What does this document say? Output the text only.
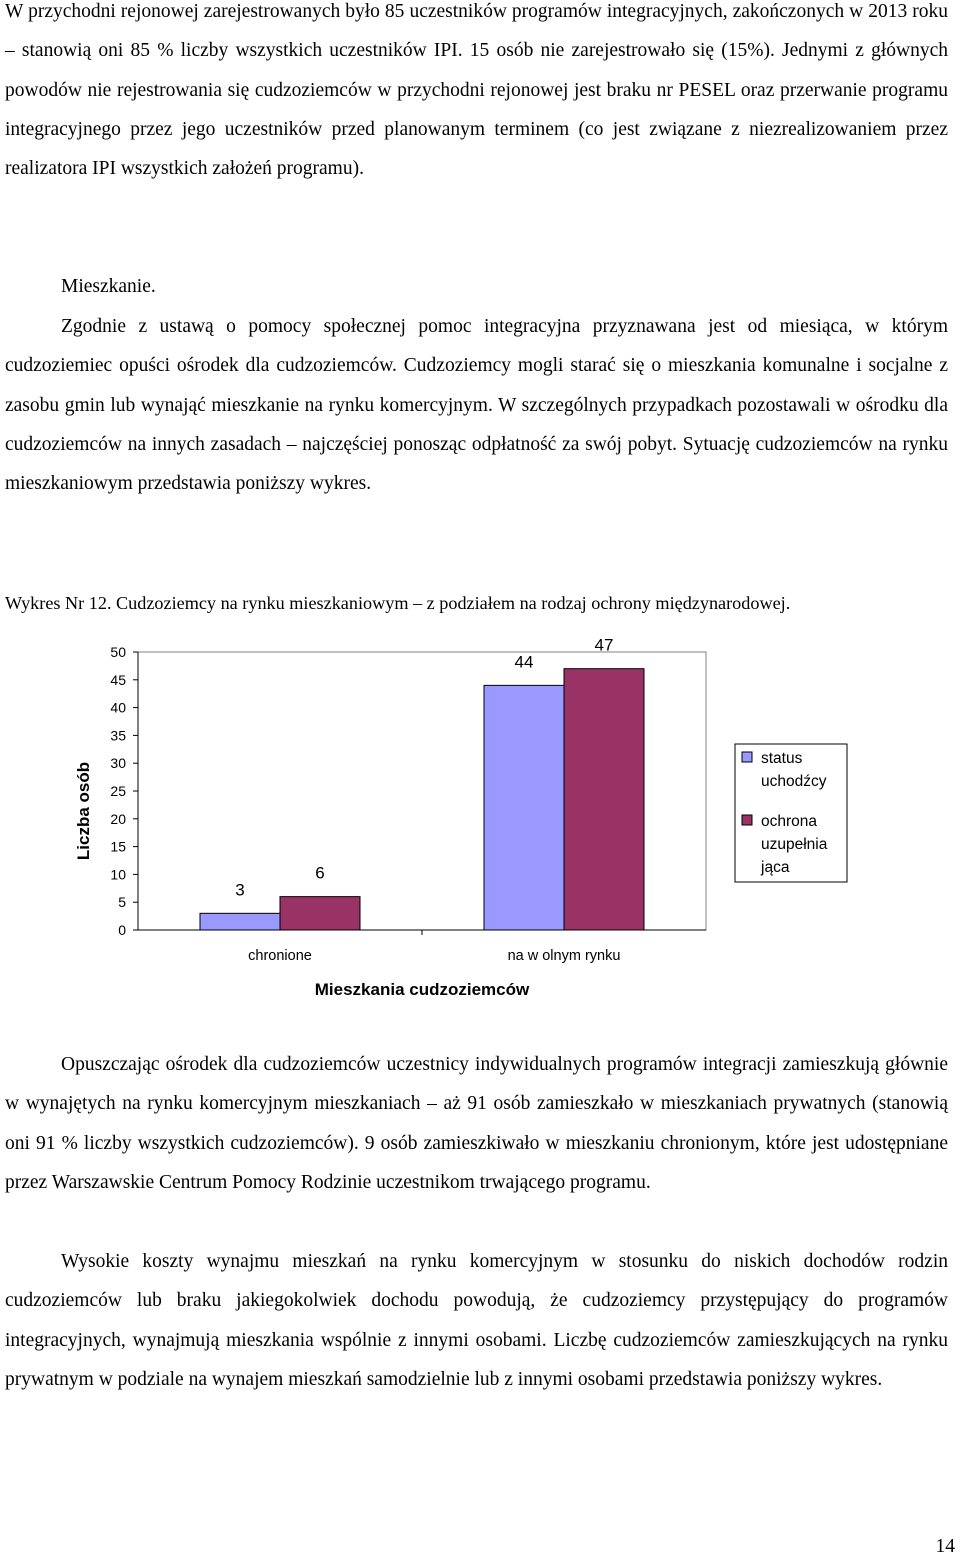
W przychodni rejonowej zarejestrowanych było 85 uczestników programów integracyjnych, zakończonych w 2013 roku – stanowią oni 85 % liczby wszystkich uczestników IPI. 15 osób nie zarejestrowało się (15%). Jednymi z głównych powodów nie rejestrowania się cudzoziemców w przychodni rejonowej jest braku nr PESEL oraz przerwanie programu integracyjnego przez jego uczestników przed planowanym terminem (co jest związane z niezrealizowaniem przez realizatora IPI wszystkich założeń programu).

Mieszkanie.

Zgodnie z ustawą o pomocy społecznej pomoc integracyjna przyznawana jest od miesiąca, w którym cudzoziemiec opuści ośrodek dla cudzoziemców. Cudzoziemcy mogli starać się o mieszkania komunalne i socjalne z zasobu gmin lub wynająć mieszkanie na rynku komercyjnym. W szczególnych przypadkach pozostawali w ośrodku dla cudzoziemców na innych zasadach – najczęściej ponosząc odpłatność za swój pobyt. Sytuację cudzoziemców na rynku mieszkaniowym przedstawia poniższy wykres.

Wykres Nr 12. Cudzoziemcy na rynku mieszkaniowym – z podziałem na rodzaj ochrony międzynarodowej.

0
5
10
15
20
25
30
35
40
45
50
3
6
chronione
44
47
na w olnym rynku
Mieszkania cudzoziemców
Liczba osób
status
uchodźcy
ochrona
uzupełnia
jąca

Opuszczając ośrodek dla cudzoziemców uczestnicy indywidualnych programów integracji zamieszkują głównie w wynajętych na rynku komercyjnym mieszkaniach – aż 91 osób zamieszkało w mieszkaniach prywatnych (stanowią oni 91 % liczby wszystkich cudzoziemców). 9 osób zamieszkiwało w mieszkaniu chronionym, które jest udostępniane przez Warszawskie Centrum Pomocy Rodzinie uczestnikom trwającego programu.

Wysokie koszty wynajmu mieszkań na rynku komercyjnym w stosunku do niskich dochodów rodzin cudzoziemców lub braku jakiegokolwiek dochodu powodują, że cudzoziemcy przystępujący do programów integracyjnych, wynajmują mieszkania wspólnie z innymi osobami. Liczbę cudzoziemców zamieszkujących na rynku prywatnym w podziale na wynajem mieszkań samodzielnie lub z innymi osobami przedstawia poniższy wykres.

14
